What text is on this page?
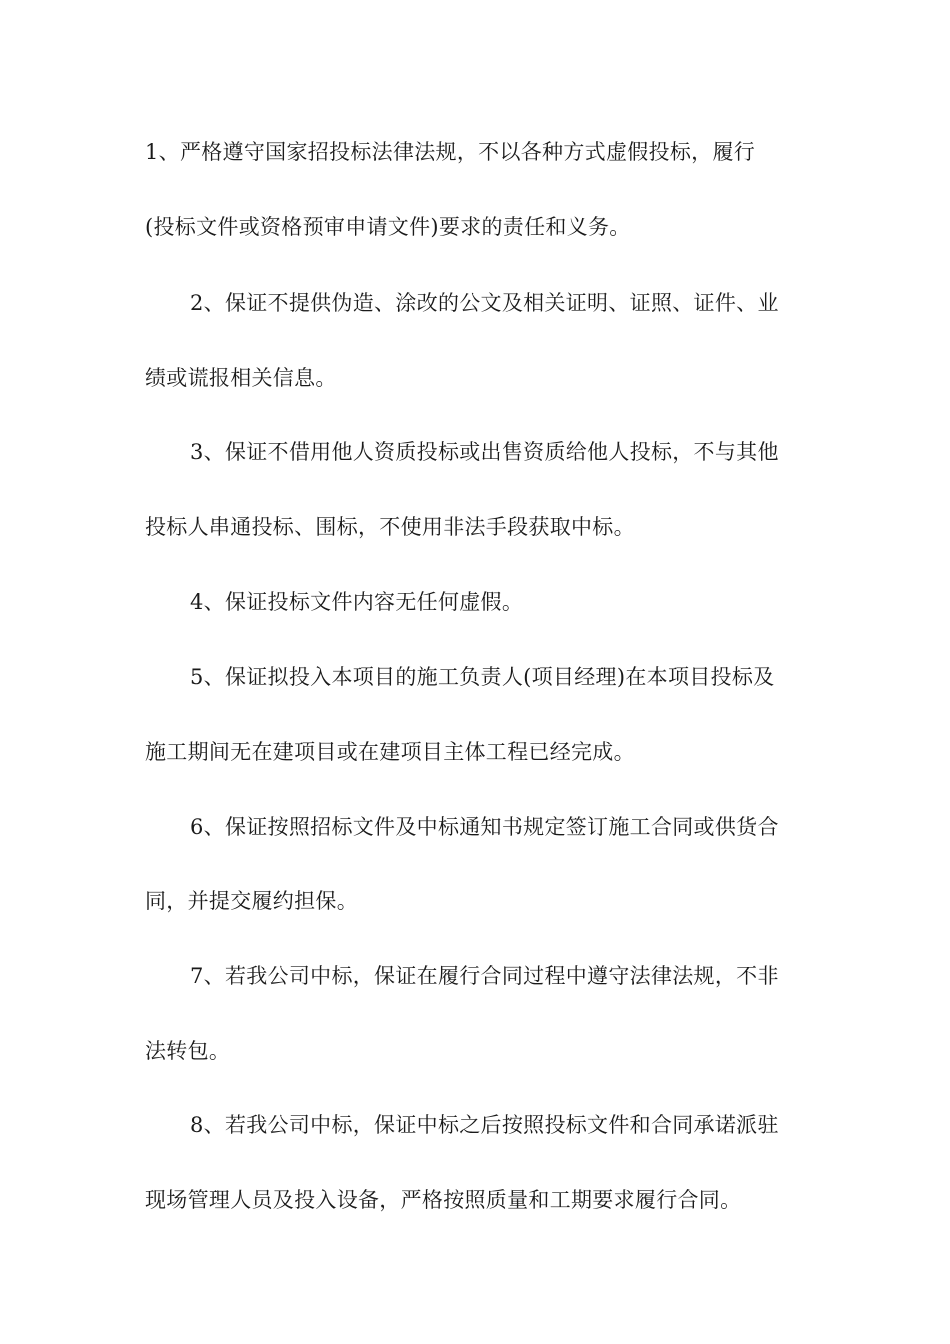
1、严格遵守国家招投标法律法规，不以各种方式虚假投标，履行
(投标文件或资格预审申请文件)要求的责任和义务。
2、保证不提供伪造、涂改的公文及相关证明、证照、证件、业
绩或谎报相关信息。
3、保证不借用他人资质投标或出售资质给他人投标，不与其他
投标人串通投标、围标，不使用非法手段获取中标。
4、保证投标文件内容无任何虚假。
5、保证拟投入本项目的施工负责人(项目经理)在本项目投标及
施工期间无在建项目或在建项目主体工程已经完成。
6、保证按照招标文件及中标通知书规定签订施工合同或供货合
同，并提交履约担保。
7、若我公司中标，保证在履行合同过程中遵守法律法规，不非
法转包。
8、若我公司中标，保证中标之后按照投标文件和合同承诺派驻
现场管理人员及投入设备，严格按照质量和工期要求履行合同。
